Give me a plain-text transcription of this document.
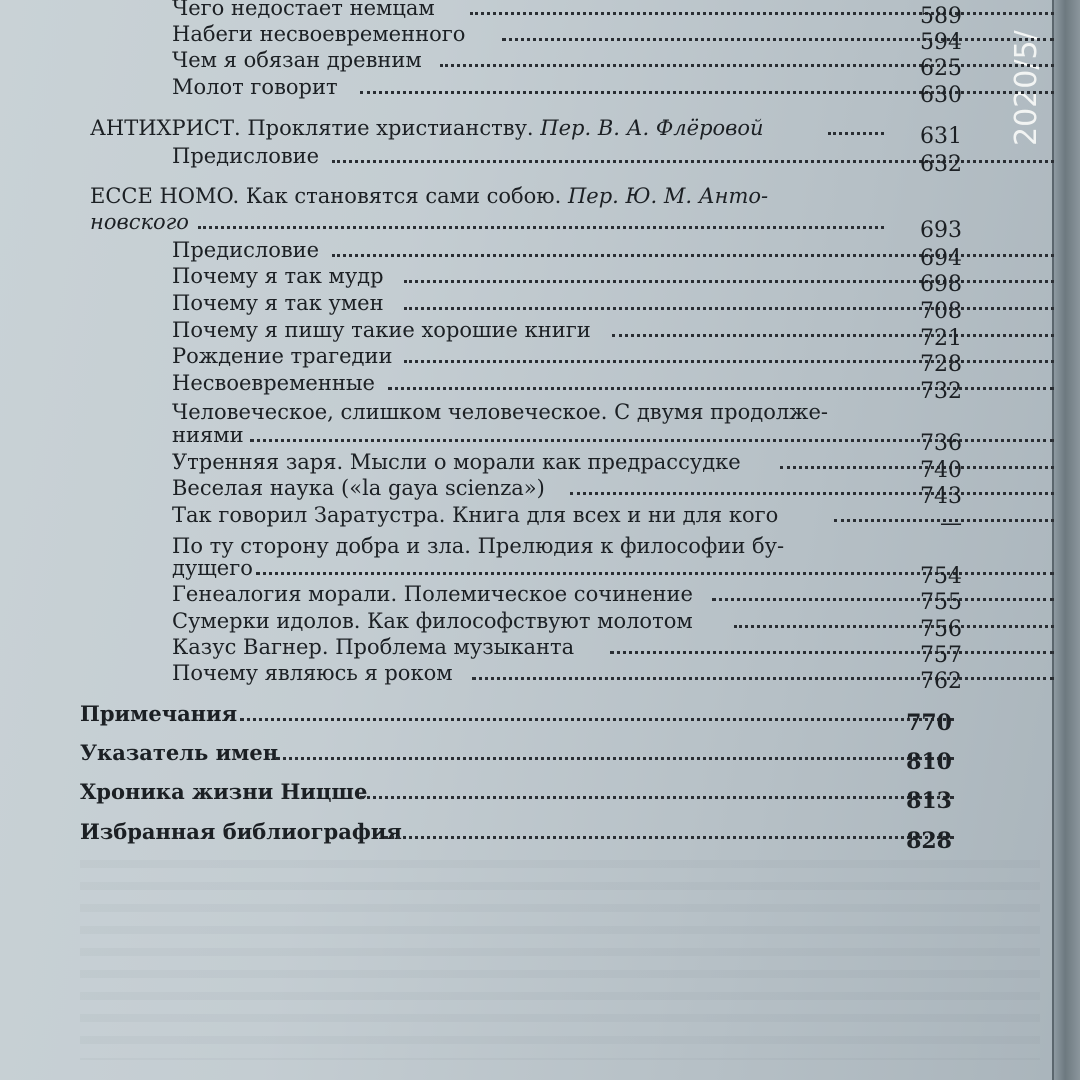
2020/5/
Чего недостает немцам	589
Набеги несвоевременного	594
Чем я обязан древним	625
Молот говорит	630
АНТИХРИСТ. Проклятие христианству. Пер. В. А. Флёровой	631
Предисловие	632
ECCE HOMO. Как становятся сами собою. Пер. Ю. М. Анто-
новского	693
Предисловие	694
Почему я так мудр	698
Почему я так умен	708
Почему я пишу такие хорошие книги	721
Рождение трагедии	728
Несвоевременные	732
Человеческое, слишком человеческое. С двумя продолже-
ниями	736
Утренняя заря. Мысли о морали как предрассудке	740
Веселая наука («la gaya scienza»)	743
Так говорил Заратустра. Книга для всех и ни для кого	—
По ту сторону добра и зла. Прелюдия к философии бу-
дущего	754
Генеалогия морали. Полемическое сочинение	755
Сумерки идолов. Как философствуют молотом	756
Казус Вагнер. Проблема музыканта	757
Почему являюсь я роком	762
Примечания	770
Указатель имен	810
Хроника жизни Ницше	813
Избранная библиография	828
